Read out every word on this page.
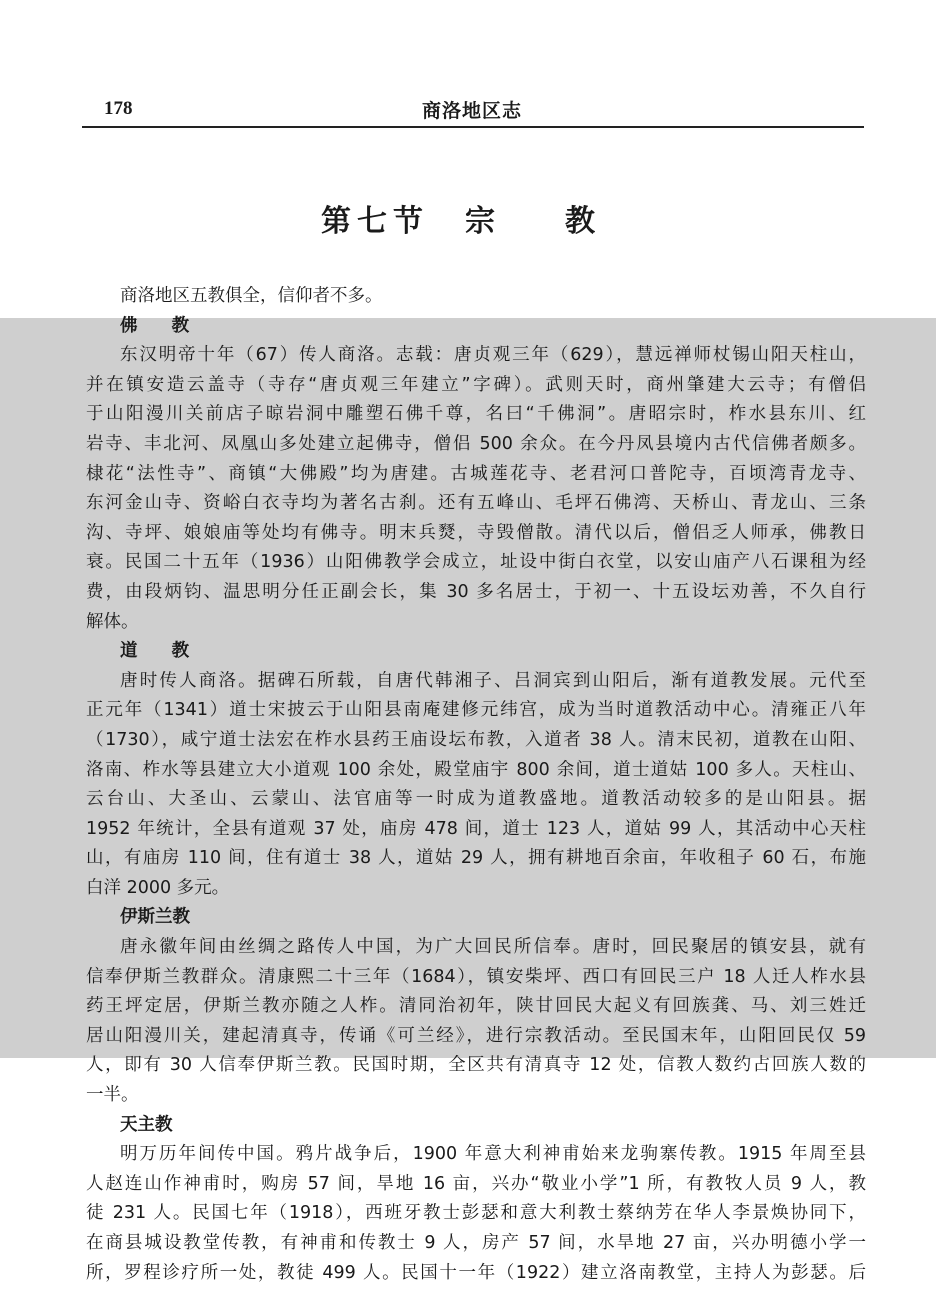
178	商洛地区志
第七节 宗　教
商洛地区五教俱全，信仰者不多。
佛 教
东汉明帝十年（67）传人商洛。志载：唐贞观三年（629），慧远禅师杖锡山阳天柱山，
并在镇安造云盖寺（寺存“唐贞观三年建立”字碑）。武则天时，商州肇建大云寺；有僧侣
于山阳漫川关前店子晾岩洞中雕塑石佛千尊，名曰“千佛洞”。唐昭宗时，柞水县东川、红
岩寺、丰北河、凤凰山多处建立起佛寺，僧侣 500 余众。在今丹凤县境内古代信佛者颇多。
棣花“法性寺”、商镇“大佛殿”均为唐建。古城莲花寺、老君河口普陀寺，百顷湾青龙寺、
东河金山寺、资峪白衣寺均为著名古刹。还有五峰山、毛坪石佛湾、天桥山、青龙山、三条
沟、寺坪、娘娘庙等处均有佛寺。明末兵燹，寺毁僧散。清代以后，僧侣乏人师承，佛教日
衰。民国二十五年（1936）山阳佛教学会成立，址设中街白衣堂，以安山庙产八石课租为经
费，由段炳钧、温思明分任正副会长，集 30 多名居士，于初一、十五设坛劝善，不久自行
解体。
道 教
唐时传人商洛。据碑石所载，自唐代韩湘子、吕洞宾到山阳后，渐有道教发展。元代至
正元年（1341）道士宋披云于山阳县南庵建修元纬宫，成为当时道教活动中心。清雍正八年
（1730），咸宁道士法宏在柞水县药王庙设坛布教，入道者 38 人。清末民初，道教在山阳、
洛南、柞水等县建立大小道观 100 余处，殿堂庙宇 800 余间，道士道姑 100 多人。天柱山、
云台山、大圣山、云蒙山、法官庙等一时成为道教盛地。道教活动较多的是山阳县。据
1952 年统计，全县有道观 37 处，庙房 478 间，道士 123 人，道姑 99 人，其活动中心天柱
山，有庙房 110 间，住有道士 38 人，道姑 29 人，拥有耕地百余亩，年收租子 60 石，布施
白洋 2000 多元。
伊斯兰教
唐永徽年间由丝绸之路传人中国，为广大回民所信奉。唐时，回民聚居的镇安县，就有
信奉伊斯兰教群众。清康熙二十三年（1684），镇安柴坪、西口有回民三户 18 人迁人柞水县
药王坪定居，伊斯兰教亦随之人柞。清同治初年，陕甘回民大起义有回族龚、马、刘三姓迁
居山阳漫川关，建起清真寺，传诵《可兰经》，进行宗教活动。至民国末年，山阳回民仅 59
人，即有 30 人信奉伊斯兰教。民国时期，全区共有清真寺 12 处，信教人数约占回族人数的
一半。
天主教
明万历年间传中国。鸦片战争后，1900 年意大利神甫始来龙驹寨传教。1915 年周至县
人赵连山作神甫时，购房 57 间，旱地 16 亩，兴办“敬业小学”1 所，有教牧人员 9 人，教
徒 231 人。民国七年（1918），西班牙教士彭瑟和意大利教士蔡纳芳在华人李景焕协同下，
在商县城设教堂传教，有神甫和传教士 9 人，房产 57 间，水旱地 27 亩，兴办明德小学一
所，罗程诊疗所一处，教徒 499 人。民国十一年（1922）建立洛南教堂，主持人为彭瑟。后
